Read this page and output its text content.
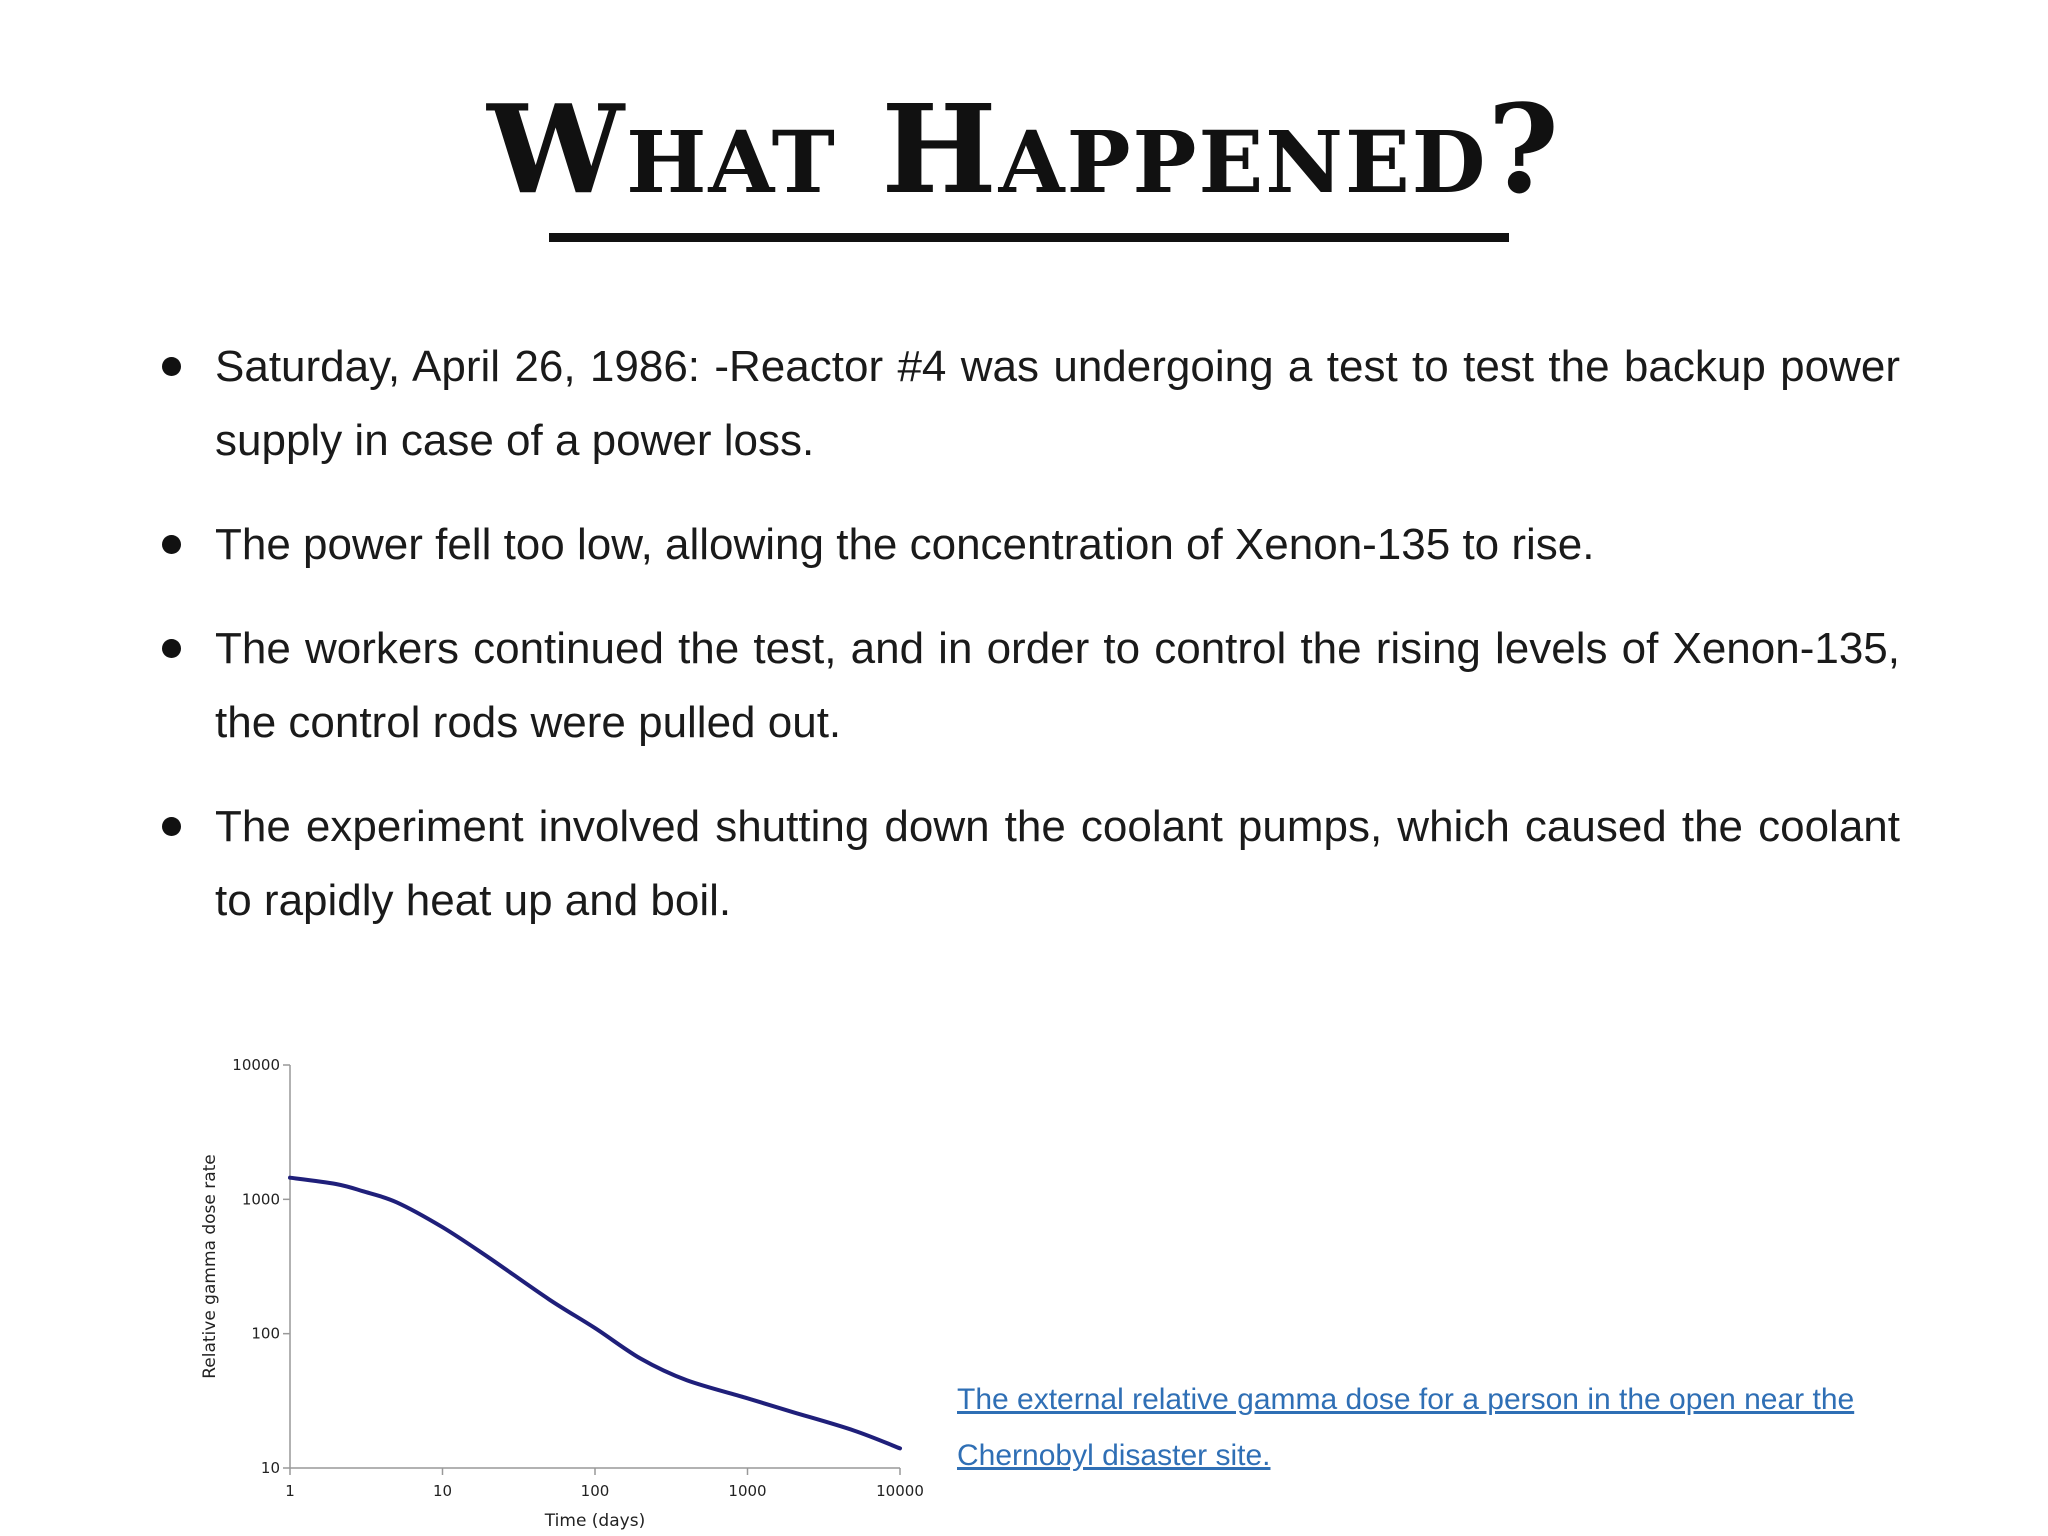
What Happened?
Saturday, April 26, 1986: -Reactor #4 was undergoing a test to test the backup power supply in case of a power loss.
The power fell too low, allowing the concentration of Xenon-135 to rise.
The workers continued the test, and in order to control the rising levels of Xenon-135, the control rods were pulled out.
The experiment involved shutting down the coolant pumps, which caused the coolant to rapidly heat up and boil.
1	10	100	1000	10000
10000
1000
100
10
Time (days)
Relative gamma dose rate
The external relative gamma dose for a person in the open near the Chernobyl disaster site.
